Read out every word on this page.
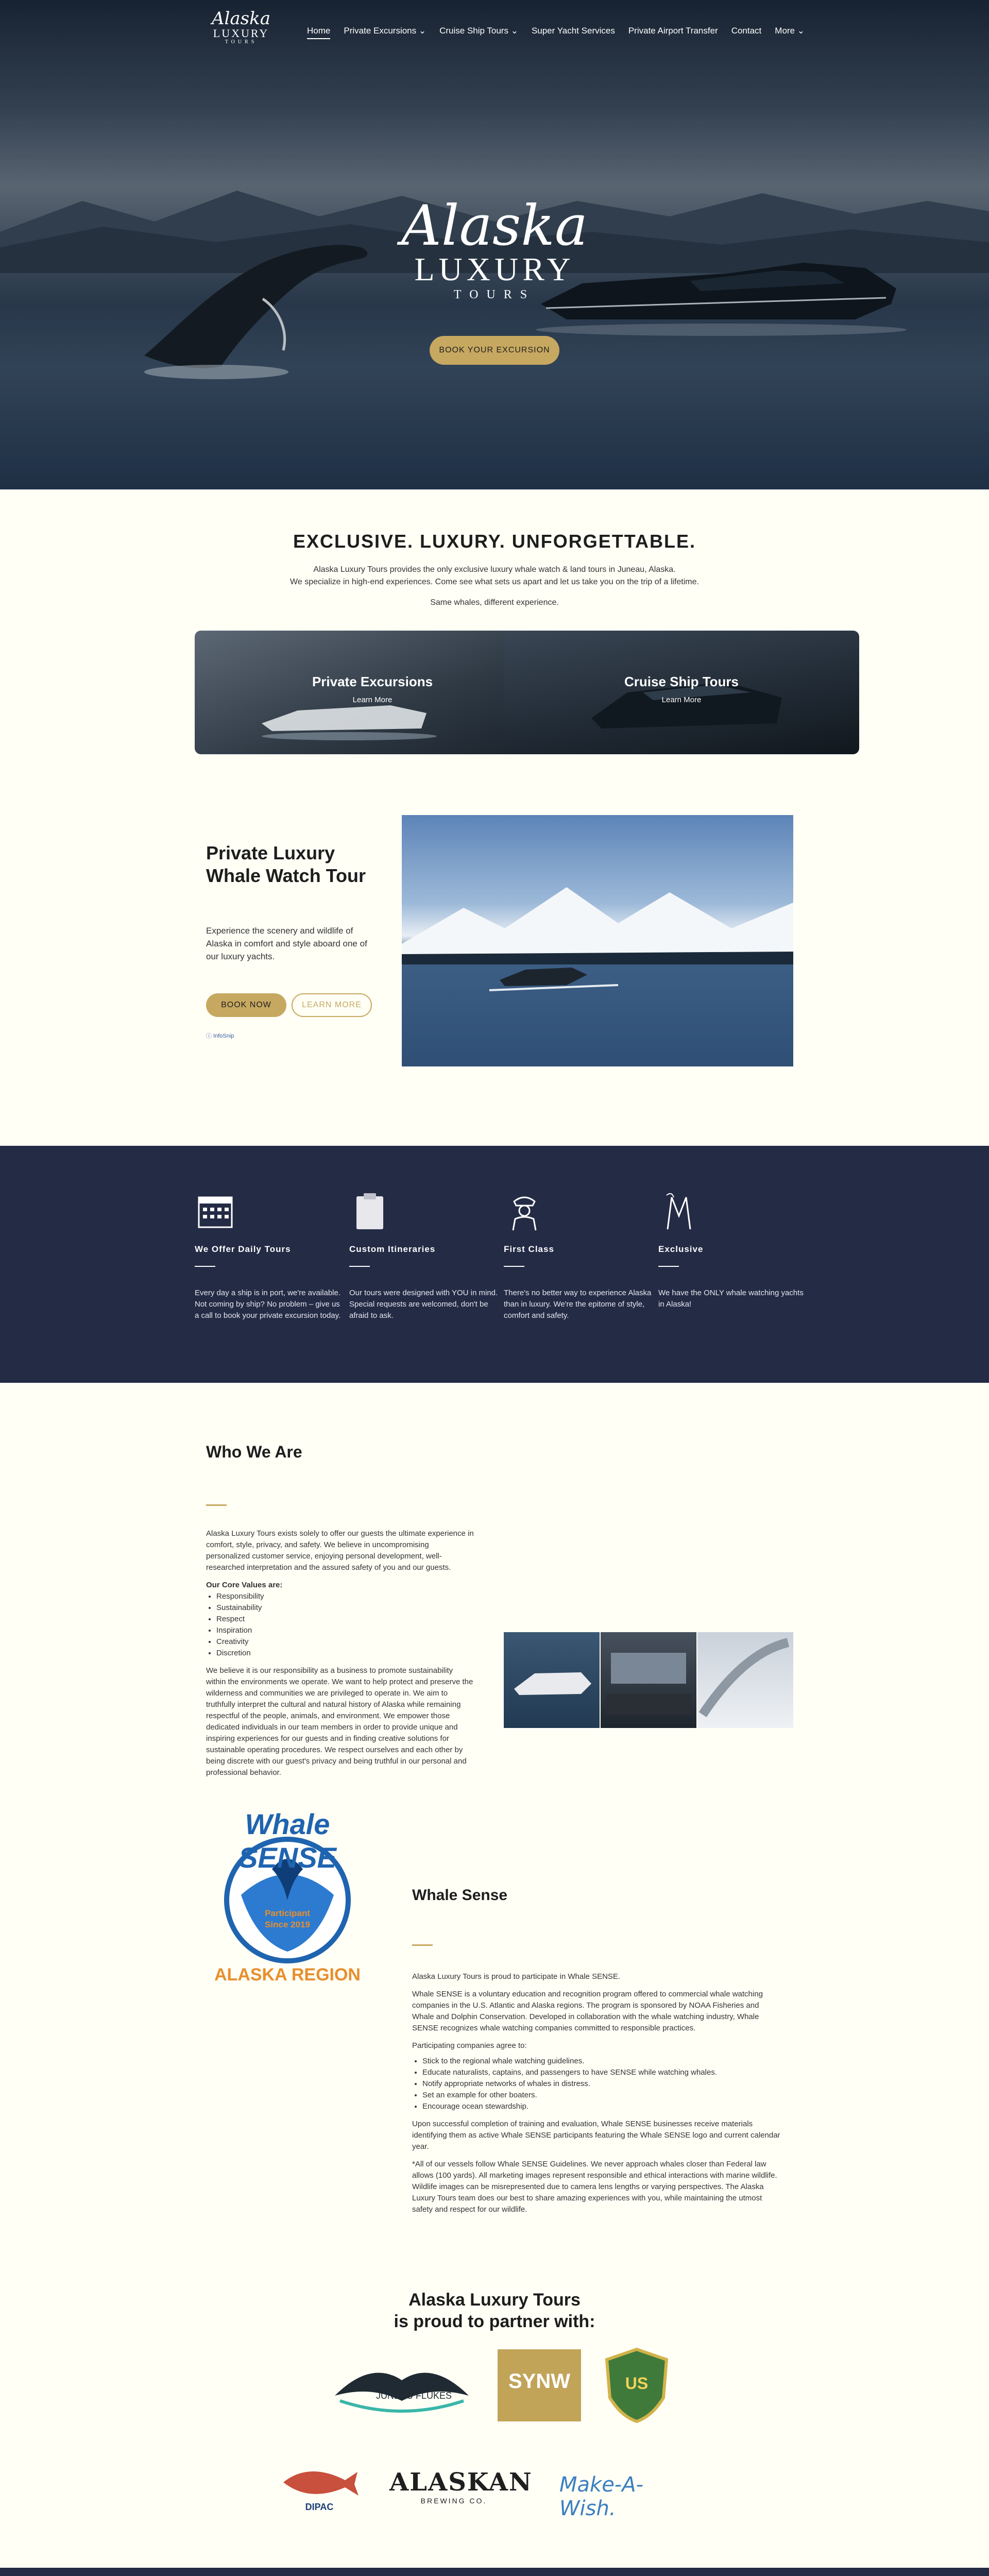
Alaska
LUXURY
TOURS
Home Private Excursions ⌄ Cruise Ship Tours ⌄ Super Yacht Services Private Airport Transfer Contact More ⌄
Alaska
LUXURY
TOURS
BOOK YOUR EXCURSION
EXCLUSIVE. LUXURY. UNFORGETTABLE.

Alaska Luxury Tours provides the only exclusive luxury whale watch & land tours in Juneau, Alaska.

We specialize in high-end experiences. Come see what sets us apart and let us take you on the trip of a lifetime.

Same whales, different experience.

Private Excursions
Learn More
Cruise Ship Tours
Learn More
Private Luxury Whale Watch Tour

Experience the scenery and wildlife of Alaska in comfort and style aboard one of our luxury yachts.

BOOK NOW	LEARN MORE
ⓘ InfoSnip
We Offer Daily Tours
Every day a ship is in port, we're available. Not coming by ship? No problem – give us a call to book your private excursion today.
Custom Itineraries
Our tours were designed with YOU in mind. Special requests are welcomed, don't be afraid to ask.
First Class
There's no better way to experience Alaska than in luxury. We're the epitome of style, comfort and safety.
Exclusive
We have the ONLY whale watching yachts in Alaska!
Who We Are

Alaska Luxury Tours exists solely to offer our guests the ultimate experience in comfort, style, privacy, and safety. We believe in uncompromising personalized customer service, enjoying personal development, well-researched interpretation and the assured safety of you and our guests.

Our Core Values are:

• Responsibility
• Sustainability
• Respect
• Inspiration
• Creativity
• Discretion

We believe it is our responsibility as a business to promote sustainability within the environments we operate. We want to help protect and preserve the wilderness and communities we are privileged to operate in. We aim to truthfully interpret the cultural and natural history of Alaska while remaining respectful of the people, animals, and environment. We empower those dedicated individuals in our team members in order to provide unique and inspiring experiences for our guests and in finding creative solutions for sustainable operating procedures. We respect ourselves and each other by being discrete with our guest's privacy and being truthful in our personal and professional behavior.

Whale SENSE
Participant
Since 2019
ALASKA REGION
Whale Sense

Alaska Luxury Tours is proud to participate in Whale SENSE.

Whale SENSE is a voluntary education and recognition program offered to commercial whale watching companies in the U.S. Atlantic and Alaska regions. The program is sponsored by NOAA Fisheries and Whale and Dolphin Conservation. Developed in collaboration with the whale watching industry, Whale SENSE recognizes whale watching companies committed to responsible practices.

Participating companies agree to:

• Stick to the regional whale watching guidelines.
• Educate naturalists, captains, and passengers to have SENSE while watching whales.
• Notify appropriate networks of whales in distress.
• Set an example for other boaters.
• Encourage ocean stewardship.

Upon successful completion of training and evaluation, Whale SENSE businesses receive materials identifying them as active Whale SENSE participants featuring the Whale SENSE logo and current calendar year.

*All of our vessels follow Whale SENSE Guidelines. We never approach whales closer than Federal law allows (100 yards). All marketing images represent responsible and ethical interactions with marine wildlife. Wildlife images can be misrepresented due to camera lens lengths or varying perspectives. The Alaska Luxury Tours team does our best to share amazing experiences with you, while maintaining the utmost safety and respect for our wildlife.

Alaska Luxury Tours
is proud to partner with:
JUNEAU FLUKES
SYNW	US
DIPAC
ALASKAN
BREWING CO.
Make-A-Wish.
